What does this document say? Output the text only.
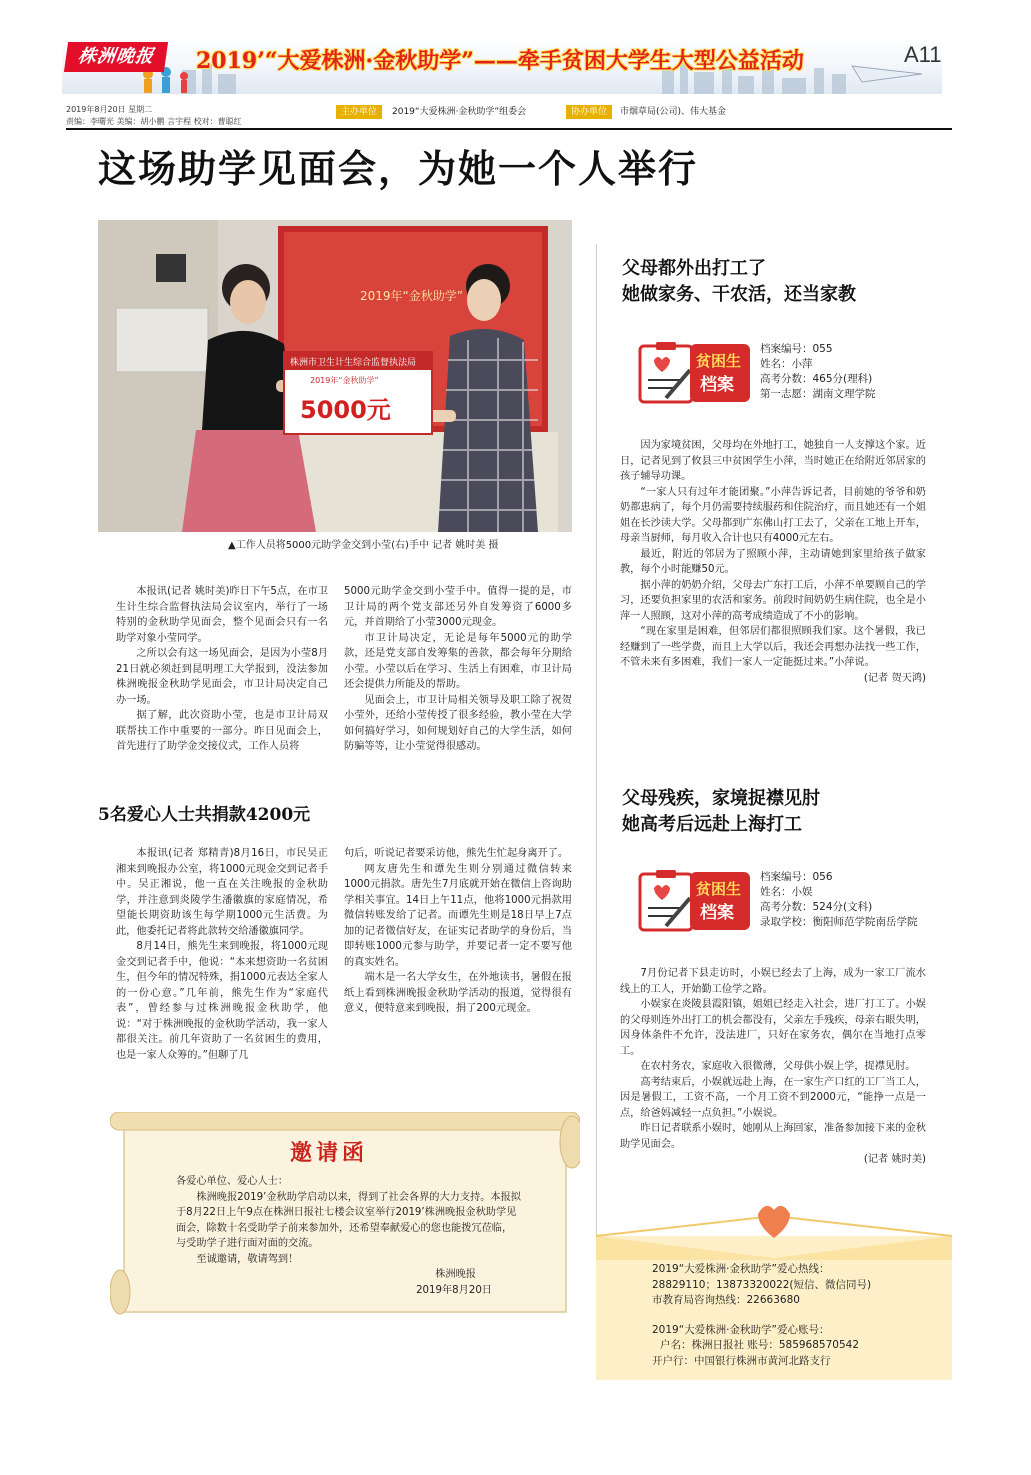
株洲晚报	2019’“大爱株洲·金秋助学”——牵手贫困大学生大型公益活动	A11
2019年8月20日 星期二
责编：李曙光 美编：胡小鹏 言宇程 校对：曹聪红
主办单位	2019“大爱株洲·金秋助学”组委会	协办单位	市烟草局(公司)、伟大基金
这场助学见面会，为她一个人举行
2019年“金秋助学”
株洲市卫生计生综合监督执法局
2019年“金秋助学”
5000元
▲工作人员将5000元助学金交到小莹(右)手中 记者 姚时美 摄

本报讯(记者 姚时美)昨日下午5点，在市卫生计生综合监督执法局会议室内，举行了一场特别的金秋助学见面会，整个见面会只有一名助学对象小莹同学。

之所以会有这一场见面会，是因为小莹8月21日就必须赶到昆明理工大学报到，没法参加株洲晚报金秋助学见面会，市卫计局决定自己办一场。

据了解，此次资助小莹，也是市卫计局双联帮扶工作中重要的一部分。昨日见面会上，首先进行了助学金交接仪式，工作人员将

5000元助学金交到小莹手中。值得一提的是，市卫计局的两个党支部还另外自发筹资了6000多元，并首期给了小莹3000元现金。

市卫计局决定，无论是每年5000元的助学款，还是党支部自发筹集的善款，都会每年分期给小莹。小莹以后在学习、生活上有困难，市卫计局还会提供力所能及的帮助。

见面会上，市卫计局相关领导及职工除了祝贺小莹外，还给小莹传授了很多经验，教小莹在大学如何搞好学习，如何规划好自己的大学生活，如何防骗等等，让小莹觉得很感动。

5名爱心人士共捐款4200元

本报讯(记者 郑精青)8月16日，市民吴正湘来到晚报办公室，将1000元现金交到记者手中。吴正湘说，他一直在关注晚报的金秋助学，并注意到炎陵学生潘徽旗的家庭情况，希望能长期资助该生每学期1000元生活费。为此，他委托记者将此款转交给潘徽旗同学。

8月14日，熊先生来到晚报，将1000元现金交到记者手中，他说：“本来想资助一名贫困生，但今年的情况特殊，捐1000元表达全家人的一份心意。”几年前，熊先生作为“家庭代表”，曾经参与过株洲晚报金秋助学，他说：“对于株洲晚报的金秋助学活动，我一家人都很关注。前几年资助了一名贫困生的费用，也是一家人众筹的。”但聊了几

句后，听说记者要采访他，熊先生忙起身离开了。

网友唐先生和谭先生则分别通过微信转来1000元捐款。唐先生7月底就开始在微信上咨询助学相关事宜。14日上午11点，他将1000元捐款用微信转账发给了记者。而谭先生则是18日早上7点加的记者微信好友，在证实记者助学的身份后，当即转账1000元参与助学，并要记者一定不要写他的真实姓名。

端木是一名大学女生，在外地读书，暑假在报纸上看到株洲晚报金秋助学活动的报道，觉得很有意义，便特意来到晚报，捐了200元现金。

邀请函

各爱心单位、爱心人士：

株洲晚报2019’金秋助学启动以来，得到了社会各界的大力支持。本报拟于8月22日上午9点在株洲日报社七楼会议室举行2019’株洲晚报金秋助学见面会，除数十名受助学子前来参加外，还希望奉献爱心的您也能拨冗莅临，与受助学子进行面对面的交流。

至诚邀请，敬请驾到！

株洲晚报

2019年8月20日

父母都外出打工了
她做家务、干农活，还当家教
贫困生
档案
档案编号：055
姓名：小萍
高考分数：465分(理科)
第一志愿：湖南文理学院

因为家境贫困，父母均在外地打工，她独自一人支撑这个家。近日，记者见到了攸县三中贫困学生小萍，当时她正在给附近邻居家的孩子辅导功课。

“一家人只有过年才能团聚。”小萍告诉记者，目前她的爷爷和奶奶都患病了，每个月仍需要持续服药和住院治疗，而且她还有一个姐姐在长沙读大学。父母都到广东佛山打工去了，父亲在工地上开车，母亲当厨师，每月收入合计也只有4000元左右。

最近，附近的邻居为了照顾小萍，主动请她到家里给孩子做家教，每个小时能赚50元。

据小萍的奶奶介绍，父母去广东打工后，小萍不单要顾自己的学习，还要负担家里的农活和家务。前段时间奶奶生病住院，也全是小萍一人照顾，这对小萍的高考成绩造成了不小的影响。

“现在家里是困难，但邻居们都很照顾我们家。这个暑假，我已经赚到了一些学费，而且上大学以后，我还会再想办法找一些工作，不管未来有多困难，我们一家人一定能挺过来。”小萍说。

(记者 贺天鸿)
父母残疾，家境捉襟见肘
她高考后远赴上海打工
贫困生
档案
档案编号：056
姓名：小娱
高考分数：524分(文科)
录取学校：衡阳师范学院南岳学院

7月份记者下县走访时，小娱已经去了上海，成为一家工厂流水线上的工人，开始勤工俭学之路。

小娱家在炎陵县霞阳镇，姐姐已经走入社会，进厂打工了。小娱的父母则连外出打工的机会都没有，父亲左手残疾，母亲右眼失明，因身体条件不允许，没法进厂，只好在家务农，偶尔在当地打点零工。

在农村务农，家庭收入很微薄，父母供小娱上学，捉襟见肘。

高考结束后，小娱就远赴上海，在一家生产口红的工厂当工人，因是暑假工，工资不高，一个月工资不到2000元，“能挣一点是一点，给爸妈减轻一点负担。”小娱说。

昨日记者联系小娱时，她刚从上海回家，准备参加接下来的金秋助学见面会。

(记者 姚时美)
2019“大爱株洲·金秋助学”爱心热线：
28829110；13873320022(短信、微信同号)
市教育局咨询热线：22663680
2019“大爱株洲·金秋助学”爱心账号：
户名：株洲日报社 账号：585968570542
开户行：中国银行株洲市黄河北路支行
